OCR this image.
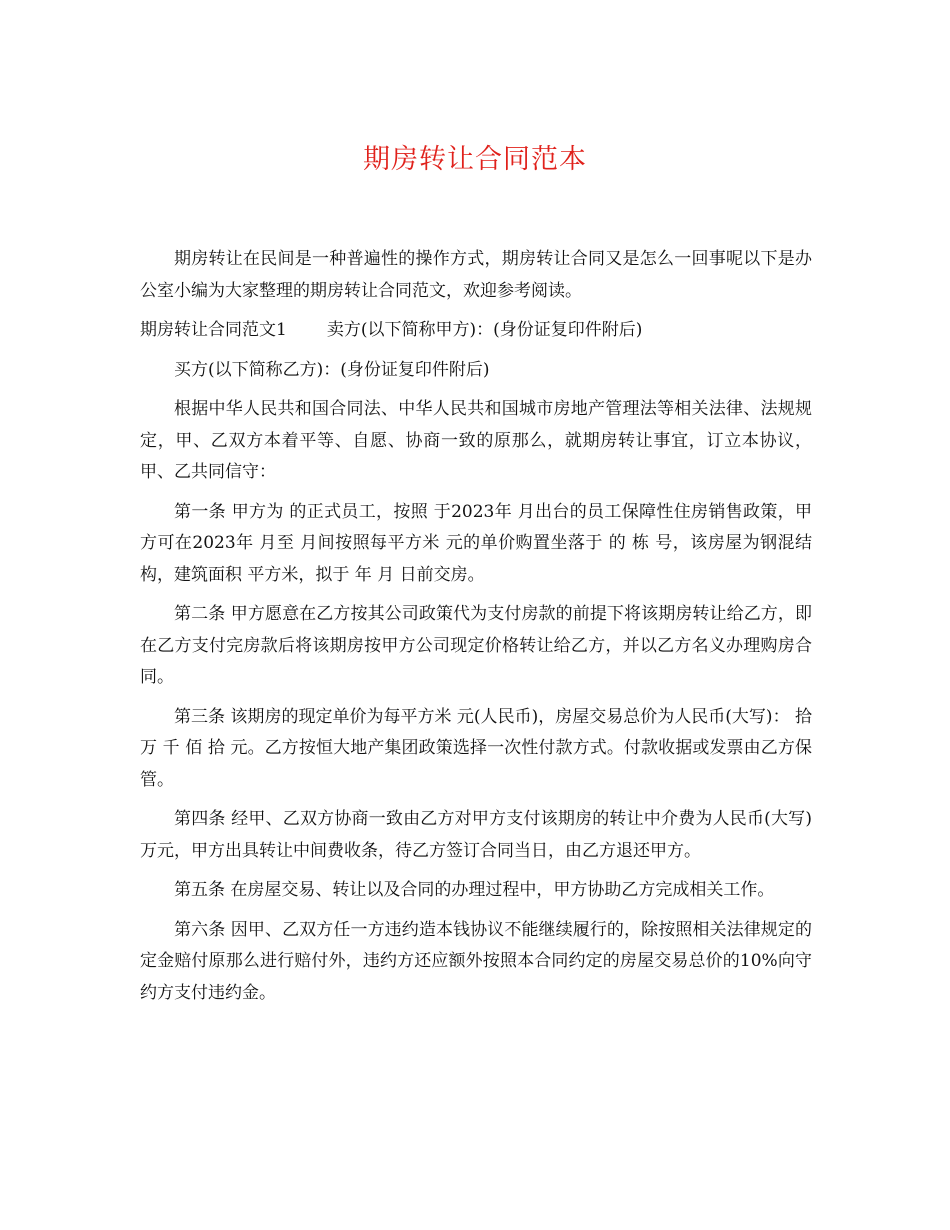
期房转让合同范本

期房转让在民间是一种普遍性的操作方式，期房转让合同又是怎么一回事呢以下是办公室小编为大家整理的期房转让合同范文，欢迎参考阅读。

期房转让合同范文1 卖方(以下简称甲方)：(身份证复印件附后)

买方(以下简称乙方)：(身份证复印件附后)

根据中华人民共和国合同法、中华人民共和国城市房地产管理法等相关法律、法规规定，甲、乙双方本着平等、自愿、协商一致的原那么，就期房转让事宜，订立本协议，甲、乙共同信守：

第一条 甲方为 的正式员工，按照 于2023年 月出台的员工保障性住房销售政策，甲方可在2023年 月至 月间按照每平方米 元的单价购置坐落于 的 栋 号，该房屋为钢混结构，建筑面积 平方米，拟于 年 月 日前交房。

第二条 甲方愿意在乙方按其公司政策代为支付房款的前提下将该期房转让给乙方，即在乙方支付完房款后将该期房按甲方公司现定价格转让给乙方，并以乙方名义办理购房合同。

第三条 该期房的现定单价为每平方米 元(人民币)，房屋交易总价为人民币(大写)： 拾 万 千 佰 拾 元。乙方按恒大地产集团政策选择一次性付款方式。付款收据或发票由乙方保管。

第四条 经甲、乙双方协商一致由乙方对甲方支付该期房的转让中介费为人民币(大写) 万元，甲方出具转让中间费收条，待乙方签订合同当日，由乙方退还甲方。

第五条 在房屋交易、转让以及合同的办理过程中，甲方协助乙方完成相关工作。

第六条 因甲、乙双方任一方违约造本钱协议不能继续履行的，除按照相关法律规定的定金赔付原那么进行赔付外，违约方还应额外按照本合同约定的房屋交易总价的10%向守约方支付违约金。
